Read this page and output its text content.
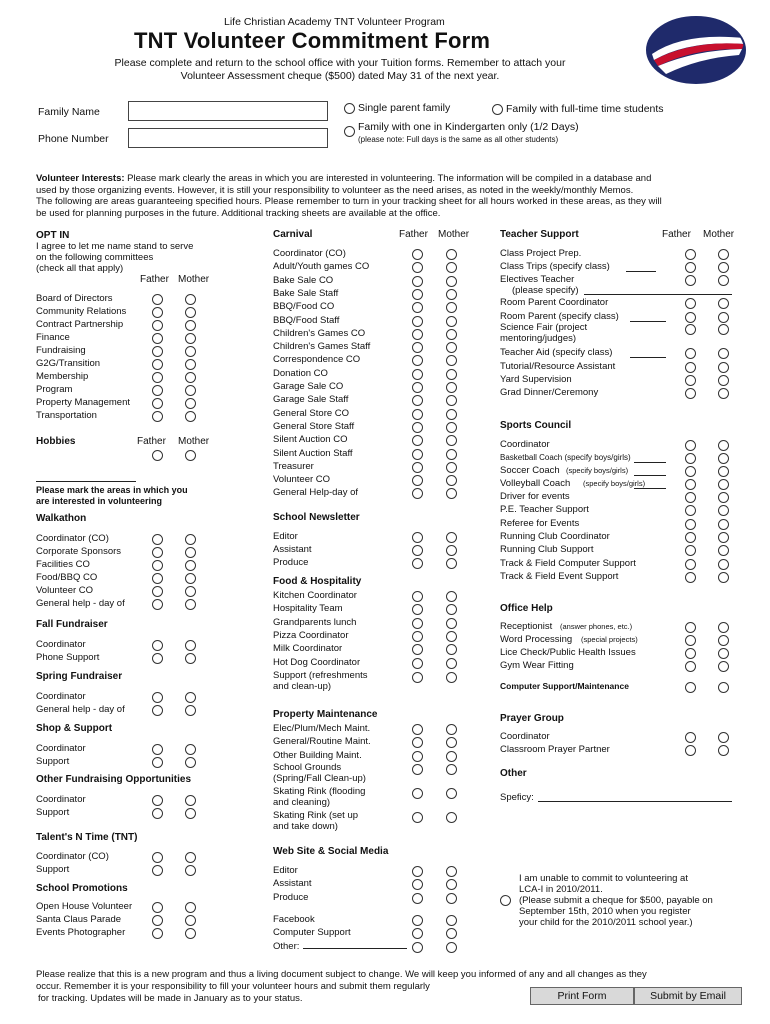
Life Christian Academy TNT Volunteer Program
TNT Volunteer Commitment Form
Please complete and return to the school office with your Tuition forms. Remember to attach your
Volunteer Assessment cheque ($500) dated May 31 of the next year.
Family Name
Phone Number
Single parent family	Family with full-time time students
Family with one in Kindergarten only (1/2 Days)
(please note: Full days is the same as all other students)
Volunteer Interests: Please mark clearly the areas in which you are interested in volunteering. The information will be compiled in a database and
used by those organizing events. However, it is still your responsibility to volunteer as the need arises, as noted in the weekly/monthly Memos.
The following are areas guaranteeing specified hours. Please remember to turn in your tracking sheet for all hours worked in these areas, as they will
be used for planning purposes in the future. Additional tracking sheets are available at the office.
OPT IN
I agree to let me name stand to serve
on the following committees
(check all that apply)
Father Mother
Board of Directors
Community Relations
Contract Partnership
Finance
Fundraising
G2G/Transition
Membership
Program
Property Management
Transportation
Hobbies	Father Mother
Please mark the areas in which you
are interested in volunteering
Walkathon
Coordinator (CO)
Corporate Sponsors
Facilities CO
Food/BBQ CO
Volunteer CO
General help - day of
Fall Fundraiser
Coordinator
Phone Support
Spring Fundraiser
Coordinator
General help - day of
Shop & Support
Coordinator
Support
Other Fundraising Opportunities
Coordinator
Support
Talent's N Time (TNT)
Coordinator (CO)
Support
School Promotions
Open House Volunteer
Santa Claus Parade
Events Photographer
Carnival	Father Mother
Coordinator (CO)
Adult/Youth games CO
Bake Sale CO
Bake Sale Staff
BBQ/Food CO
BBQ/Food Staff
Children's Games CO
Children's Games Staff
Correspondence CO
Donation CO
Garage Sale CO
Garage Sale Staff
General Store CO
General Store Staff
Silent Auction CO
Silent Auction Staff
Treasurer
Volunteer CO
General Help-day of
School Newsletter
Editor
Assistant
Produce
Food & Hospitality
Kitchen Coordinator
Hospitality Team
Grandparents lunch
Pizza Coordinator
Milk Coordinator
Hot Dog Coordinator
Support (refreshments
and clean-up)
Property Maintenance
Elec/Plum/Mech Maint.
General/Routine Maint.
Other Building Maint.
School Grounds
(Spring/Fall Clean-up)
Skating Rink (flooding
and cleaning)
Skating Rink (set up
and take down)
Web Site & Social Media
Editor
Assistant
Produce
Facebook
Computer Support
Other:
Teacher Support	Father Mother
Class Project Prep.
Class Trips (specify class)
Electives Teacher
(please specify)
Room Parent Coordinator
Room Parent (specify class)
Science Fair (project
mentoring/judges)
Teacher Aid (specify class)
Tutorial/Resource Assistant
Yard Supervision
Grad Dinner/Ceremony
Sports Council
Coordinator
Basketball Coach (specify boys/girls)
Soccer Coach (specify boys/girls)
Volleyball Coach (specify boys/girls)
Driver for events
P.E. Teacher Support
Referee for Events
Running Club Coordinator
Running Club Support
Track & Field Computer Support
Track & Field Event Support
Office Help
Receptionist (answer phones, etc.)
Word Processing (special projects)
Lice Check/Public Health Issues
Gym Wear Fitting
Computer Support/Maintenance
Prayer Group
Coordinator
Classroom Prayer Partner
Other
Speficy:
I am unable to commit to volunteering at
LCA-I in 2010/2011.
(Please submit a cheque for $500, payable on
September 15th, 2010 when you register
your child for the 2010/2011 school year.)
Please realize that this is a new program and thus a living document subject to change. We will keep you informed of any and all changes as they
occur. Remember it is your responsibility to fill your volunteer hours and submit them regularly
for tracking. Updates will be made in January as to your status.	Print Form	Submit by Email
